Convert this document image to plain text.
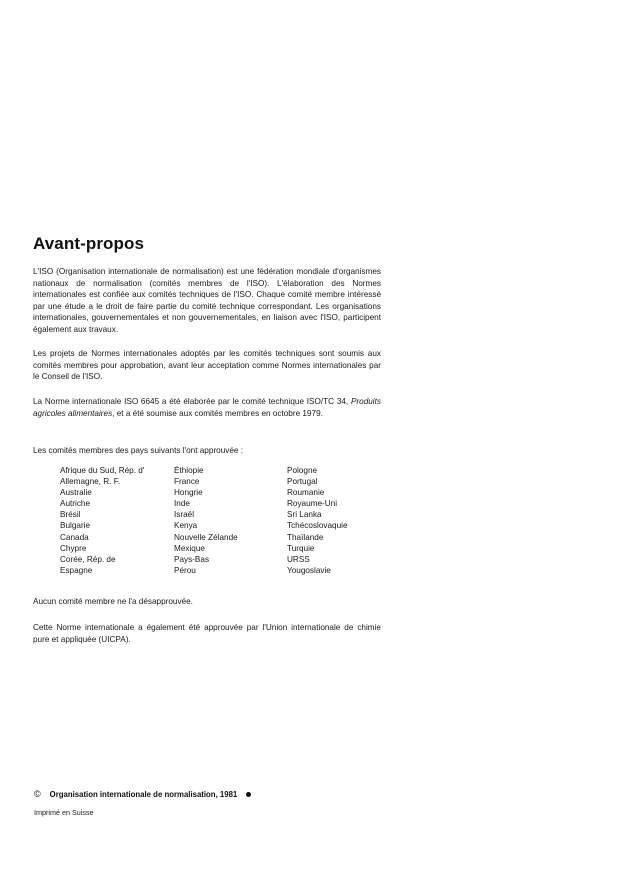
Avant-propos

L'ISO (Organisation internationale de normalisation) est une fédération mondiale d'organismes nationaux de normalisation (comités membres de l'ISO). L'élaboration des Normes internationales est confiée aux comités techniques de l'ISO. Chaque comité membre intéressé par une étude a le droit de faire partie du comité technique correspondant. Les organisations internationales, gouvernementales et non gouvernementales, en liaison avec l'ISO, participent également aux travaux.

Les projets de Normes internationales adoptés par les comités techniques sont soumis aux comités membres pour approbation, avant leur acceptation comme Normes internationales par le Conseil de l'ISO.

La Norme internationale ISO 6645 a été élaborée par le comité technique ISO/TC 34, Produits agricoles alimentaires, et a été soumise aux comités membres en octobre 1979.

Les comités membres des pays suivants l'ont approuvée :

Afrique du Sud, Rép. d'
Allemagne, R. F.
Australie
Autriche
Brésil
Bulgarie
Canada
Chypre
Corée, Rép. de
Espagne
Éthiopie
France
Hongrie
Inde
Israël
Kenya
Nouvelle Zélande
Mexique
Pays-Bas
Pérou
Pologne
Portugal
Roumanie
Royaume-Uni
Sri Lanka
Tchécoslovaquie
Thaïlande
Turquie
URSS
Yougoslavie

Aucun comité membre ne l'a désapprouvée.

Cette Norme internationale a également été approuvée par l'Union internationale de chimie pure et appliquée (UICPA).

© Organisation internationale de normalisation, 1981
Imprimé en Suisse
